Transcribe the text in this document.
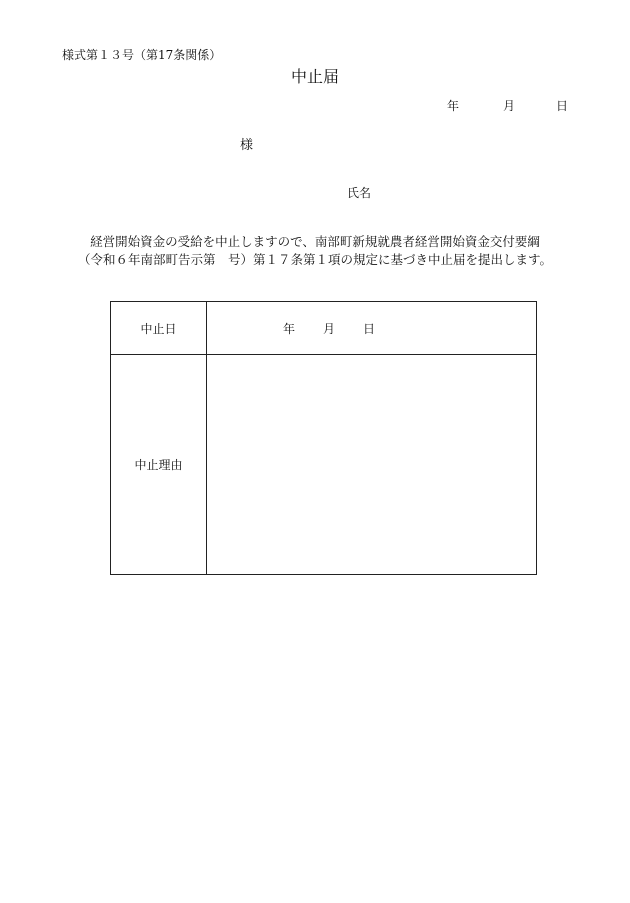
様式第１３号（第17条関係）
中止届
年	月	日
様
氏名
経営開始資金の受給を中止しますので、南部町新規就農者経営開始資金交付要綱
（令和６年南部町告示第　号）第１７条第１項の規定に基づき中止届を提出します。
中止日	年 月 日
中止理由	
